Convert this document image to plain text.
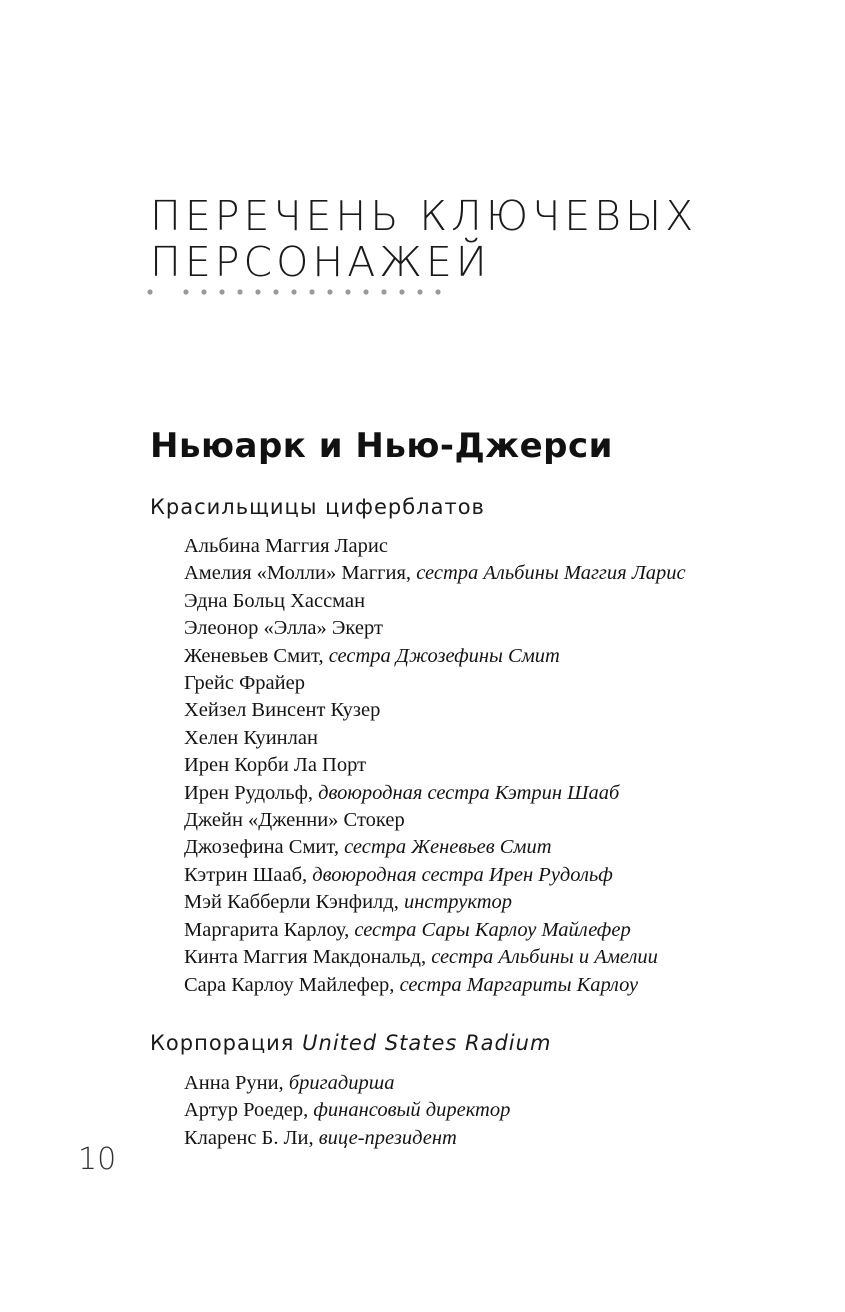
ПЕРЕЧЕНЬ КЛЮЧЕВЫХ
ПЕРСОНАЖЕЙ
Ньюарк и Нью-Джерси
Красильщицы циферблатов
Альбина Маггия Ларис
Амелия «Молли» Маггия, сестра Альбины Маггия Ларис
Эдна Больц Хассман
Элеонор «Элла» Экерт
Женевьев Смит, сестра Джозефины Смит
Грейс Фрайер
Хейзел Винсент Кузер
Хелен Куинлан
Ирен Корби Ла Порт
Ирен Рудольф, двоюродная сестра Кэтрин Шааб
Джейн «Дженни» Стокер
Джозефина Смит, сестра Женевьев Смит
Кэтрин Шааб, двоюродная сестра Ирен Рудольф
Мэй Кабберли Кэнфилд, инструктор
Маргарита Карлоу, сестра Сары Карлоу Майлефер
Кинта Маггия Макдональд, сестра Альбины и Амелии
Сара Карлоу Майлефер, сестра Маргариты Карлоу
Корпорация United States Radium
Анна Руни, бригадирша
Артур Роедер, финансовый директор
Кларенс Б. Ли, вице-президент
10
